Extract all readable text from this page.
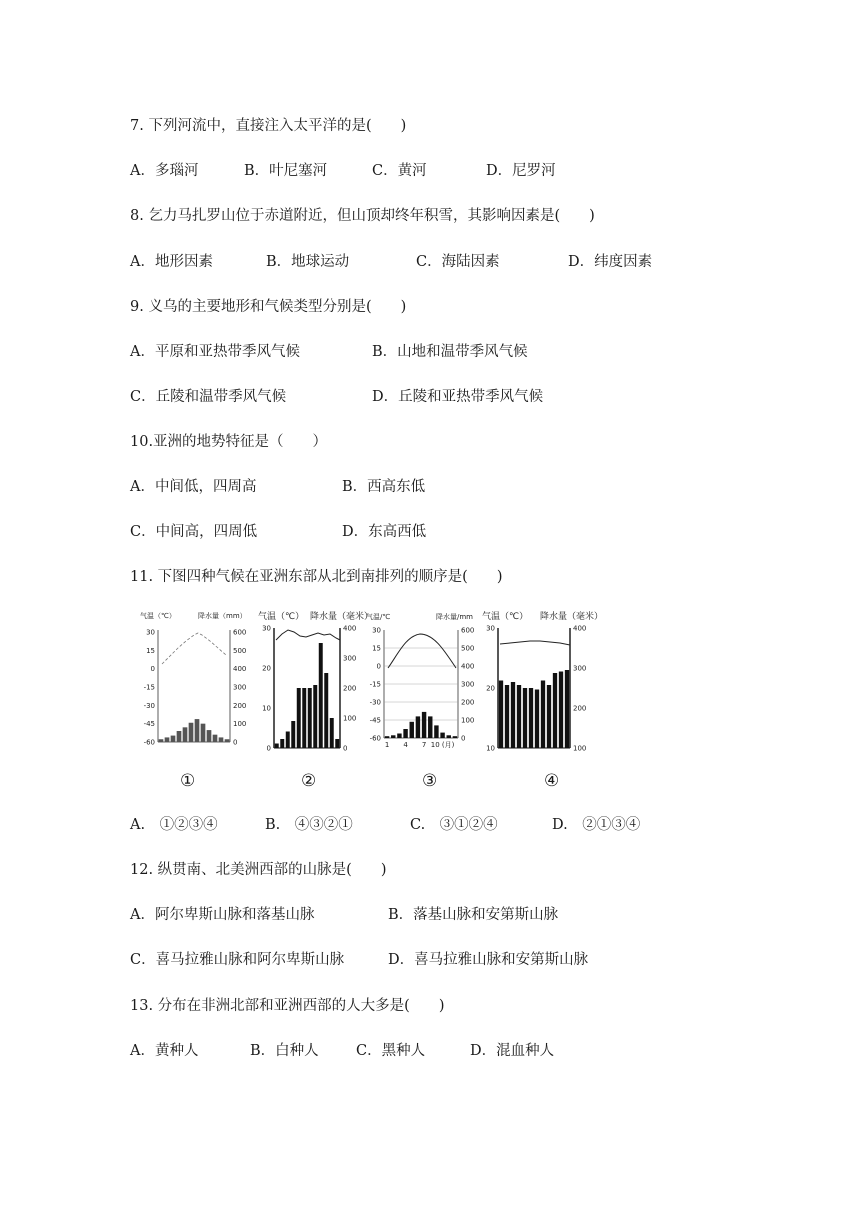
7. 下列河流中，直接注入太平洋的是(　　)
A．多瑙河	B．叶尼塞河	C．黄河	D．尼罗河
8. 乞力马扎罗山位于赤道附近，但山顶却终年积雪，其影响因素是(　　)
A．地形因素	B．地球运动	C．海陆因素	D．纬度因素
9. 义乌的主要地形和气候类型分别是(　　)
A．平原和亚热带季风气候	B．山地和温带季风气候
C．丘陵和温带季风气候	D．丘陵和亚热带季风气候
10.亚洲的地势特征是（　　）
A．中间低，四周高	B．西高东低
C．中间高，四周低	D．东高西低
11. 下图四种气候在亚洲东部从北到南排列的顺序是(　　)
气温（℃）	降水量（mm）
30
15
0
-15
-30
-45
-60
600
500
400
300
200
100
0
气温（℃） 降水量（毫米）
30
20
10
0
400
300
200
100
0
气温/℃	降水量/mm
30
15
0
-15
-30
-45
-60
600
500
400
300
200
100
0
1 4 7 10 (月)
气温（℃） 降水量（毫米）
30
20
10
400
300
200
100
①	②	③	④
A.　①②③④	B.　④③②①	C.　③①②④	D.　②①③④
12. 纵贯南、北美洲西部的山脉是(　　)
A．阿尔卑斯山脉和落基山脉	B．落基山脉和安第斯山脉
C．喜马拉雅山脉和阿尔卑斯山脉	D．喜马拉雅山脉和安第斯山脉
13. 分布在非洲北部和亚洲西部的人大多是(　　)
A．黄种人	B．白种人	C．黑种人	D．混血种人
